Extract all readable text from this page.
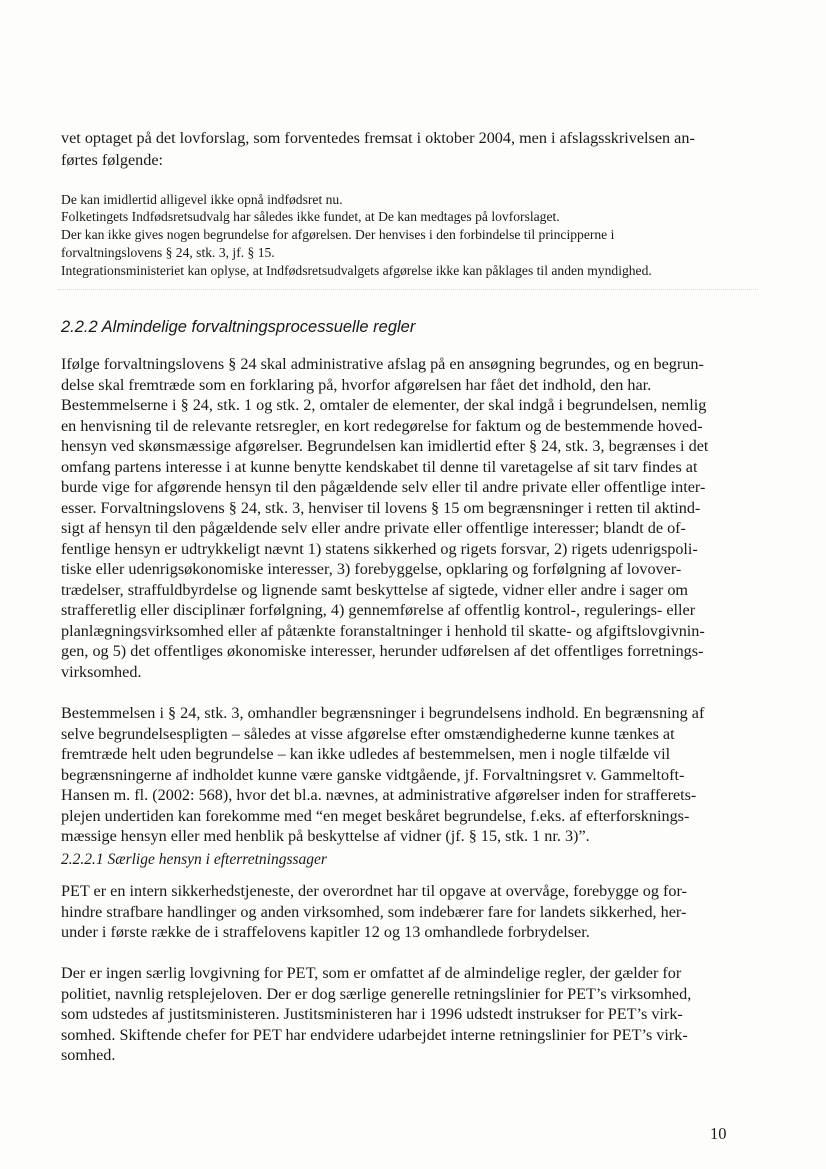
vet optaget på det lovforslag, som forventedes fremsat i oktober 2004, men i afslagsskrivelsen an-
førtes følgende:
De kan imidlertid alligevel ikke opnå indfødsret nu.
Folketingets Indfødsretsudvalg har således ikke fundet, at De kan medtages på lovforslaget.
Der kan ikke gives nogen begrundelse for afgørelsen. Der henvises i den forbindelse til principperne i
forvaltningslovens § 24, stk. 3, jf. § 15.
Integrationsministeriet kan oplyse, at Indfødsretsudvalgets afgørelse ikke kan påklages til anden myndighed.
2.2.2 Almindelige forvaltningsprocessuelle regler
Ifølge forvaltningslovens § 24 skal administrative afslag på en ansøgning begrundes, og en begrun-
delse skal fremtræde som en forklaring på, hvorfor afgørelsen har fået det indhold, den har.
Bestemmelserne i § 24, stk. 1 og stk. 2, omtaler de elementer, der skal indgå i begrundelsen, nemlig
en henvisning til de relevante retsregler, en kort redegørelse for faktum og de bestemmende hoved-
hensyn ved skønsmæssige afgørelser. Begrundelsen kan imidlertid efter § 24, stk. 3, begrænses i det
omfang partens interesse i at kunne benytte kendskabet til denne til varetagelse af sit tarv findes at
burde vige for afgørende hensyn til den pågældende selv eller til andre private eller offentlige inter-
esser. Forvaltningslovens § 24, stk. 3, henviser til lovens § 15 om begrænsninger i retten til aktind-
sigt af hensyn til den pågældende selv eller andre private eller offentlige interesser; blandt de of-
fentlige hensyn er udtrykkeligt nævnt 1) statens sikkerhed og rigets forsvar, 2) rigets udenrigspoli-
tiske eller udenrigsøkonomiske interesser, 3) forebyggelse, opklaring og forfølgning af lovover-
trædelser, straffuldbyrdelse og lignende samt beskyttelse af sigtede, vidner eller andre i sager om
strafferetlig eller disciplinær forfølgning, 4) gennemførelse af offentlig kontrol-, regulerings- eller
planlægningsvirksomhed eller af påtænkte foranstaltninger i henhold til skatte- og afgiftslovgivnin-
gen, og 5) det offentliges økonomiske interesser, herunder udførelsen af det offentliges forretnings-
virksomhed.
Bestemmelsen i § 24, stk. 3, omhandler begrænsninger i begrundelsens indhold. En begrænsning af
selve begrundelsespligten – således at visse afgørelse efter omstændighederne kunne tænkes at
fremtræde helt uden begrundelse – kan ikke udledes af bestemmelsen, men i nogle tilfælde vil
begrænsningerne af indholdet kunne være ganske vidtgående, jf. Forvaltningsret v. Gammeltoft-
Hansen m. fl. (2002: 568), hvor det bl.a. nævnes, at administrative afgørelser inden for strafferets-
plejen undertiden kan forekomme med “en meget beskåret begrundelse, f.eks. af efterforsknings-
mæssige hensyn eller med henblik på beskyttelse af vidner (jf. § 15, stk. 1 nr. 3)”.
2.2.2.1 Særlige hensyn i efterretningssager
PET er en intern sikkerhedstjeneste, der overordnet har til opgave at overvåge, forebygge og for-
hindre strafbare handlinger og anden virksomhed, som indebærer fare for landets sikkerhed, her-
under i første række de i straffelovens kapitler 12 og 13 omhandlede forbrydelser.
Der er ingen særlig lovgivning for PET, som er omfattet af de almindelige regler, der gælder for
politiet, navnlig retsplejeloven. Der er dog særlige generelle retningslinier for PET’s virksomhed,
som udstedes af justitsministeren. Justitsministeren har i 1996 udstedt instrukser for PET’s virk-
somhed. Skiftende chefer for PET har endvidere udarbejdet interne retningslinier for PET’s virk-
somhed.
10
